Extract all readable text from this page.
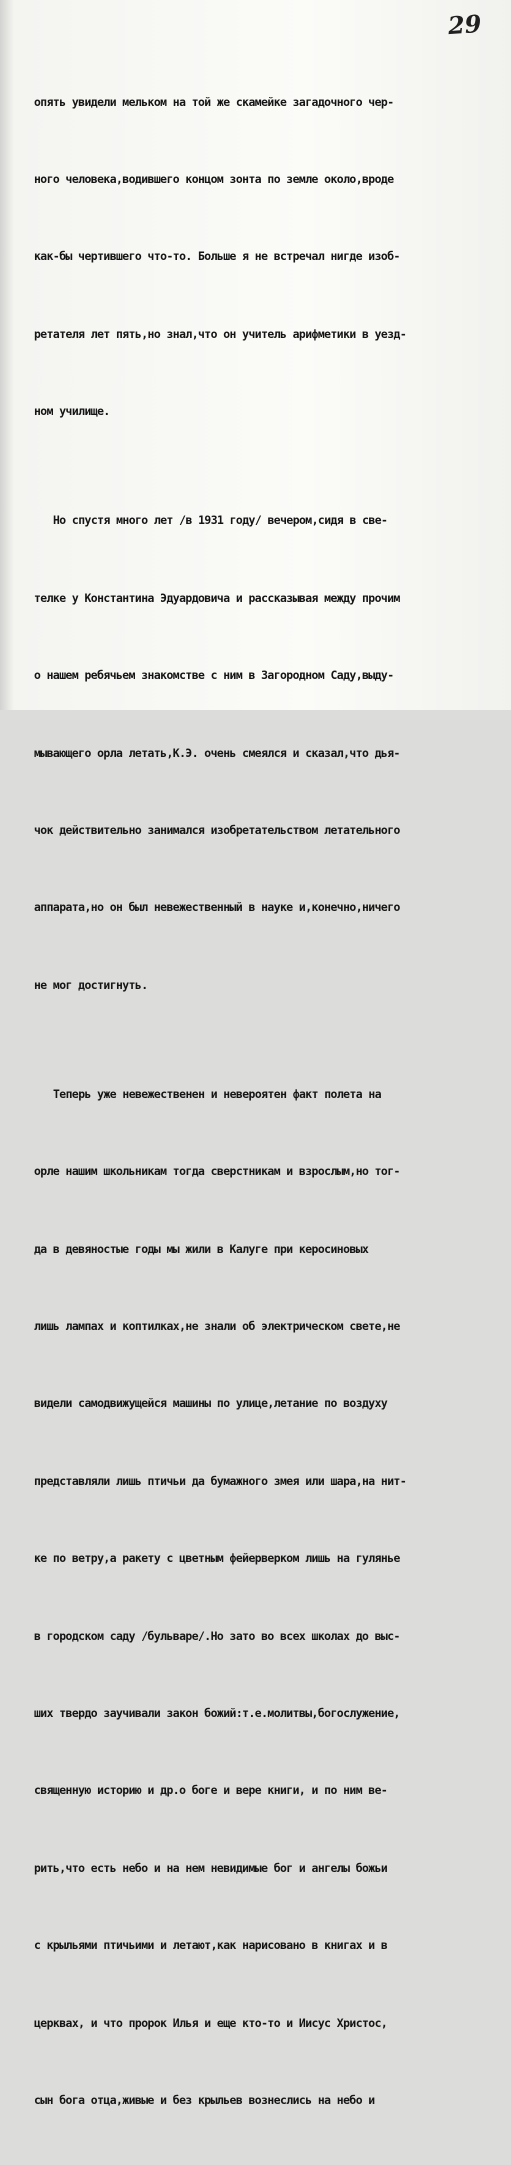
29

опять увидели мельком на той же скамейке загадочного чер-

ного человека,водившего концом зонта по земле около,вроде

как-бы чертившего что-то. Больше я не встречал нигде изоб-

ретателя лет пять,но знал,что он учитель арифметики в уезд-

ном училище.

Но спустя много лет /в 1931 году/ вечером,сидя в све-

телке у Константина Эдуардовича и рассказывая между прочим

о нашем ребячьем знакомстве с ним в Загородном Саду,выду-

мывающего орла летать,К.Э. очень смеялся и сказал,что дья-

чок действительно занимался изобретательством летательного

аппарата,но он был невежественный в науке и,конечно,ничего

не мог достигнуть.

Теперь уже невежественен и невероятен факт полета на

орле нашим школьникам тогда сверстникам и взрослым,но тог-

да в девяностые годы мы жили в Калуге при керосиновых

лишь лампах и коптилках,не знали об электрическом свете,не

видели самодвижущейся машины по улице,летание по воздуху

представляли лишь птичьи да бумажного змея или шара,на нит-

ке по ветру,а ракету с цветным фейерверком лишь на гулянье

в городском саду /бульваре/.Но зато во всех школах до выс-

ших твердо заучивали закон божий:т.е.молитвы,богослужение,

священную историю и др.о боге и вере книги, и по ним ве-

рить,что есть небо и на нем невидимые бог и ангелы божьи

с крыльями птичьими и летают,как нарисовано в книгах и в

церквах, и что пророк Илья и еще кто-то и Иисус Христос,

сын бога отца,живые и без крыльев вознеслись на небо и
